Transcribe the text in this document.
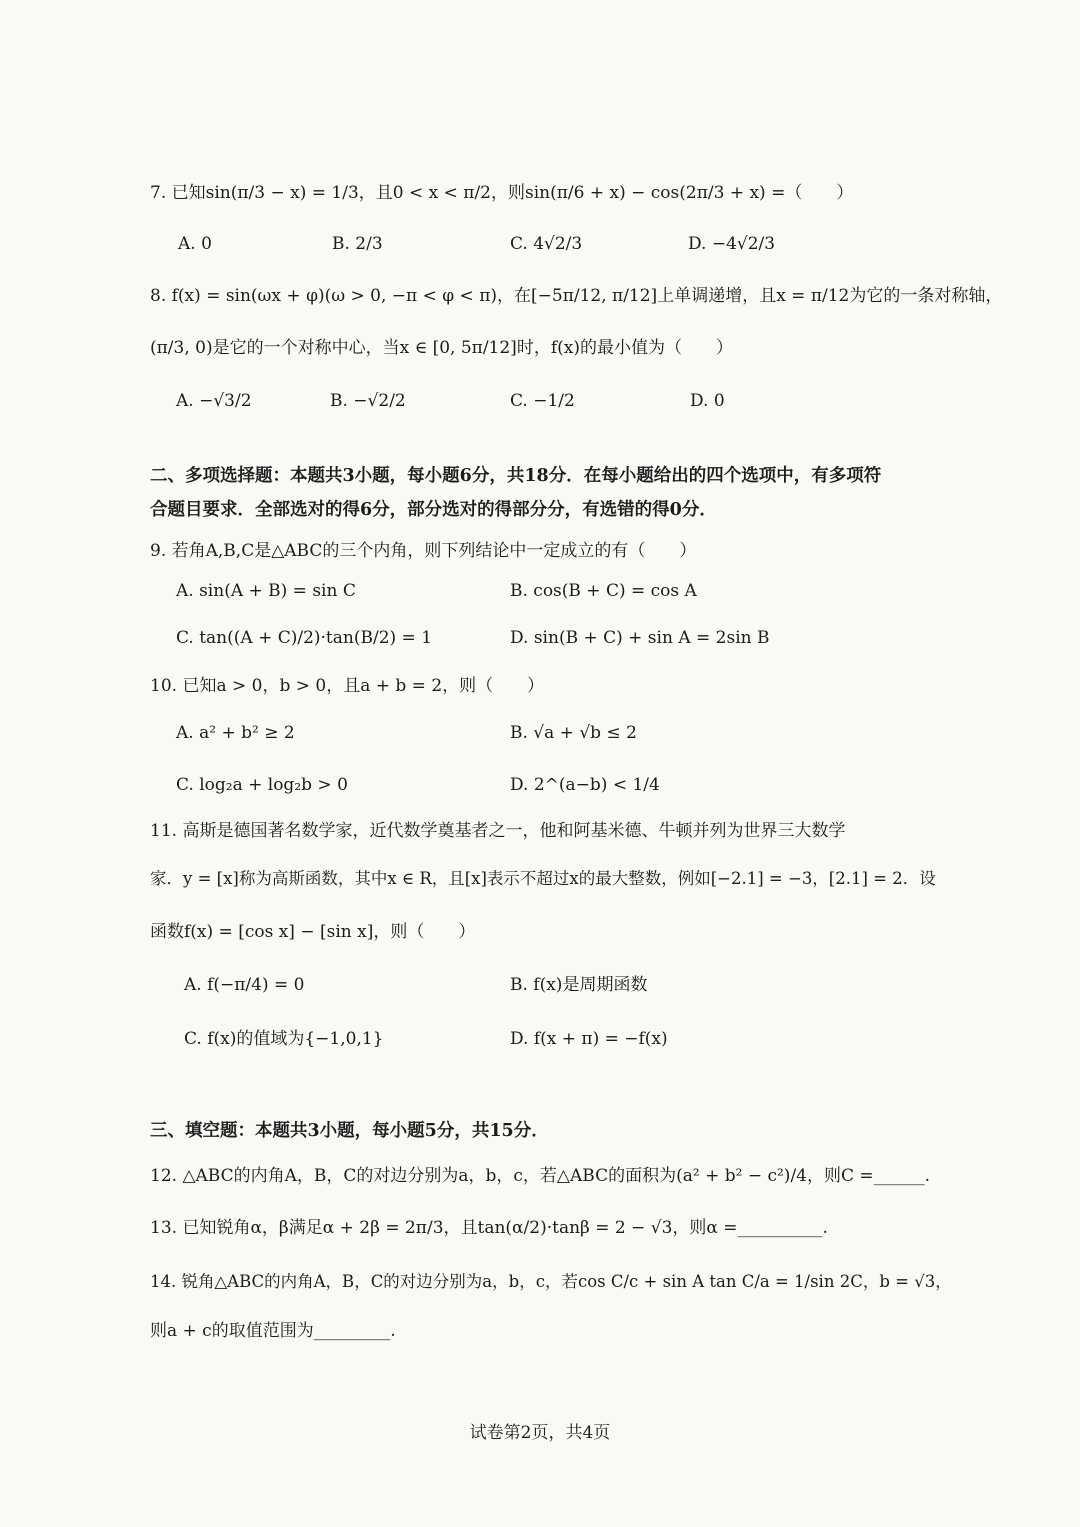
7. 已知sin(π/3 − x) = 1/3，且0 < x < π/2，则sin(π/6 + x) − cos(2π/3 + x) =（　　）
A. 0	B. 2/3	C. 4√2/3	D. −4√2/3
8. f(x) = sin(ωx + φ)(ω > 0, −π < φ < π)，在[−5π/12, π/12]上单调递增，且x = π/12为它的一条对称轴，
(π/3, 0)是它的一个对称中心，当x ∈ [0, 5π/12]时，f(x)的最小值为（　　）
A. −√3/2	B. −√2/2	C. −1/2	D. 0
二、多项选择题：本题共3小题，每小题6分，共18分．在每小题给出的四个选项中，有多项符
合题目要求．全部选对的得6分，部分选对的得部分分，有选错的得0分．
9. 若角A,B,C是△ABC的三个内角，则下列结论中一定成立的有（　　）
A. sin(A + B) = sin C	B. cos(B + C) = cos A
C. tan((A + C)/2)·tan(B/2) = 1	D. sin(B + C) + sin A = 2sin B
10. 已知a > 0，b > 0，且a + b = 2，则（　　）
A. a² + b² ≥ 2	B. √a + √b ≤ 2
C. log₂a + log₂b > 0	D. 2^(a−b) < 1/4
11. 高斯是德国著名数学家，近代数学奠基者之一，他和阿基米德、牛顿并列为世界三大数学
家．y = [x]称为高斯函数，其中x ∈ R，且[x]表示不超过x的最大整数，例如[−2.1] = −3，[2.1] = 2．设
函数f(x) = [cos x] − [sin x]，则（　　）
A. f(−π/4) = 0	B. f(x)是周期函数
C. f(x)的值域为{−1,0,1}	D. f(x + π) = −f(x)
三、填空题：本题共3小题，每小题5分，共15分．
12. △ABC的内角A，B，C的对边分别为a，b，c，若△ABC的面积为(a² + b² − c²)/4，则C =______.
13. 已知锐角α，β满足α + 2β = 2π/3，且tan(α/2)·tanβ = 2 − √3，则α =__________.
14. 锐角△ABC的内角A，B，C的对边分别为a，b，c，若cos C/c + sin A tan C/a = 1/sin 2C，b = √3，
则a + c的取值范围为_________.
试卷第2页，共4页
